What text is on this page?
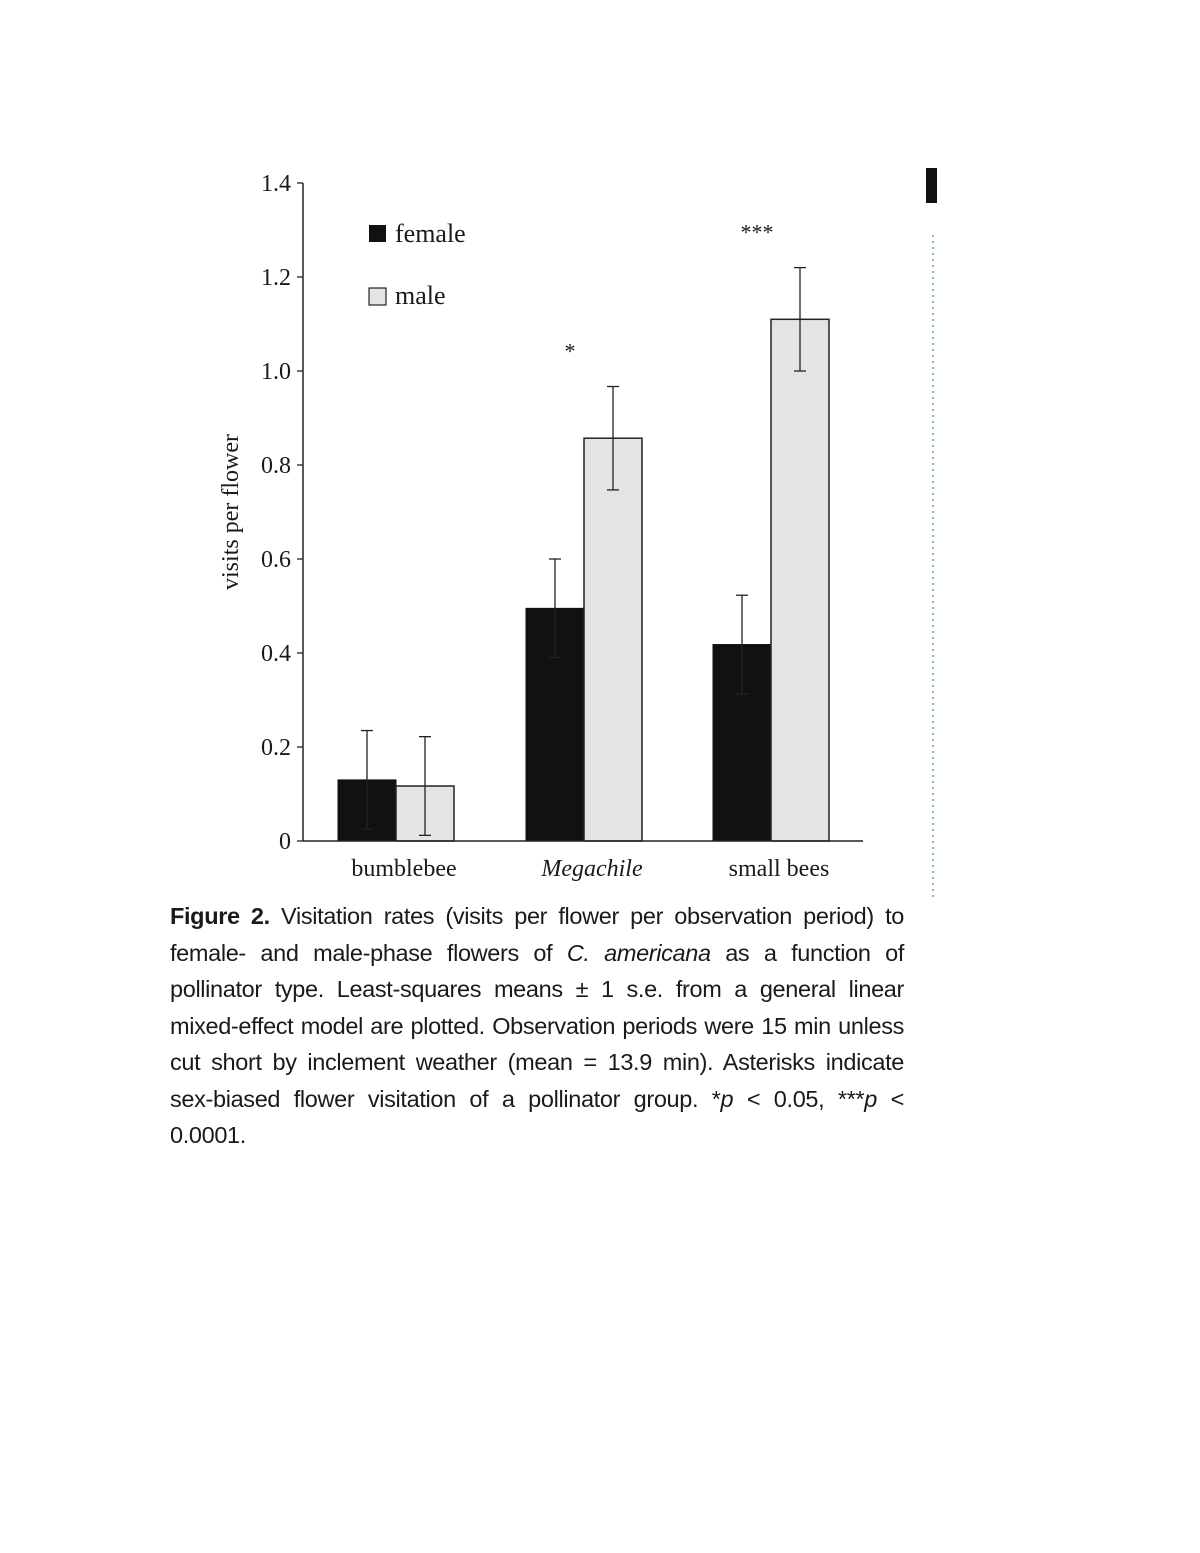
0
0.2
0.4
0.6
0.8
1.0
1.2
1.4
bumblebee	Megachile	small bees
*
***
visits per flower
female
male
Figure 2. Visitation rates (visits per flower per observation period) to female- and male-phase flowers of C. americana as a function of pollinator type. Least-squares means ± 1 s.e. from a general linear mixed-effect model are plotted. Observation periods were 15 min unless cut short by inclement weather (mean = 13.9 min). Asterisks indicate sex-biased flower visitation of a pollinator group. *p < 0.05, ***p < 0.0001.
